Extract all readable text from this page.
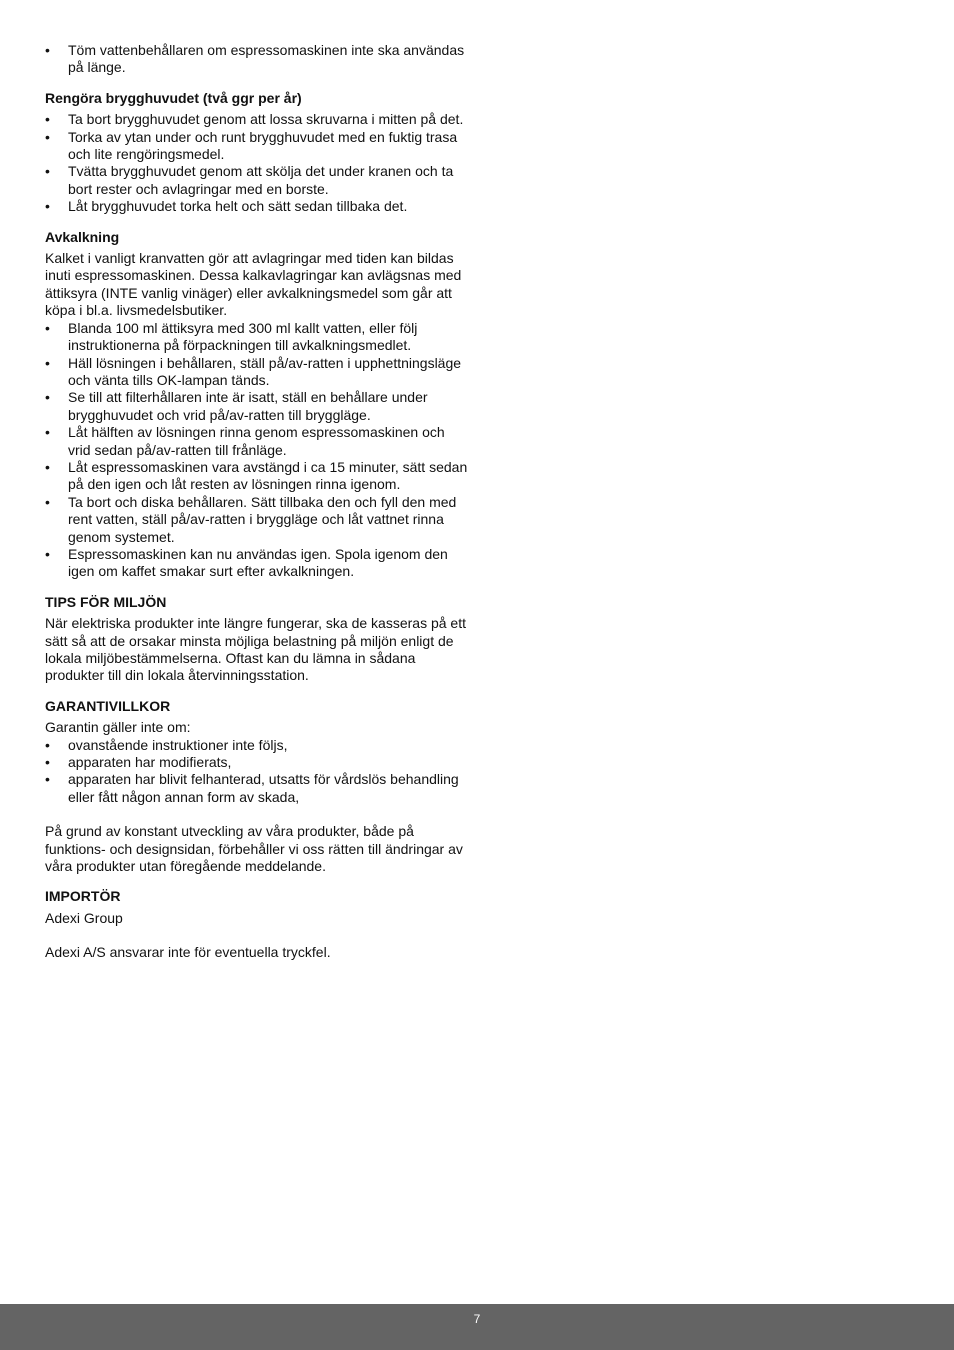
• Töm vattenbehållaren om espressomaskinen inte ska användas på länge.
Rengöra brygghuvudet (två ggr per år)
• Ta bort brygghuvudet genom att lossa skruvarna i mitten på det.
• Torka av ytan under och runt brygghuvudet med en fuktig trasa och lite rengöringsmedel.
• Tvätta brygghuvudet genom att skölja det under kranen och ta bort rester och avlagringar med en borste.
• Låt brygghuvudet torka helt och sätt sedan tillbaka det.
Avkalkning

Kalket i vanligt kranvatten gör att avlagringar med tiden kan bildas inuti espressomaskinen. Dessa kalkavlagringar kan avlägsnas med ättiksyra (INTE vanlig vinäger) eller avkalkningsmedel som går att köpa i bl.a. livsmedelsbutiker.

• Blanda 100 ml ättiksyra med 300 ml kallt vatten, eller följ instruktionerna på förpackningen till avkalkningsmedlet.
• Häll lösningen i behållaren, ställ på/av-ratten i upphettningsläge och vänta tills OK-lampan tänds.
• Se till att filterhållaren inte är isatt, ställ en behållare under brygghuvudet och vrid på/av-ratten till bryggläge.
• Låt hälften av lösningen rinna genom espressomaskinen och vrid sedan på/av-ratten till frånläge.
• Låt espressomaskinen vara avstängd i ca 15 minuter, sätt sedan på den igen och låt resten av lösningen rinna igenom.
• Ta bort och diska behållaren. Sätt tillbaka den och fyll den med rent vatten, ställ på/av-ratten i bryggläge och låt vattnet rinna genom systemet.
• Espressomaskinen kan nu användas igen. Spola igenom den igen om kaffet smakar surt efter avkalkningen.
TIPS FÖR MILJÖN

När elektriska produkter inte längre fungerar, ska de kasseras på ett sätt så att de orsakar minsta möjliga belastning på miljön enligt de lokala miljöbestämmelserna. Oftast kan du lämna in sådana produkter till din lokala återvinningsstation.

GARANTIVILLKOR

Garantin gäller inte om:

• ovanstående instruktioner inte följs,
• apparaten har modifierats,
• apparaten har blivit felhanterad, utsatts för vårdslös behandling eller fått någon annan form av skada,

På grund av konstant utveckling av våra produkter, både på funktions- och designsidan, förbehåller vi oss rätten till ändringar av våra produkter utan föregående meddelande.

IMPORTÖR

Adexi Group

Adexi A/S ansvarar inte för eventuella tryckfel.

7
